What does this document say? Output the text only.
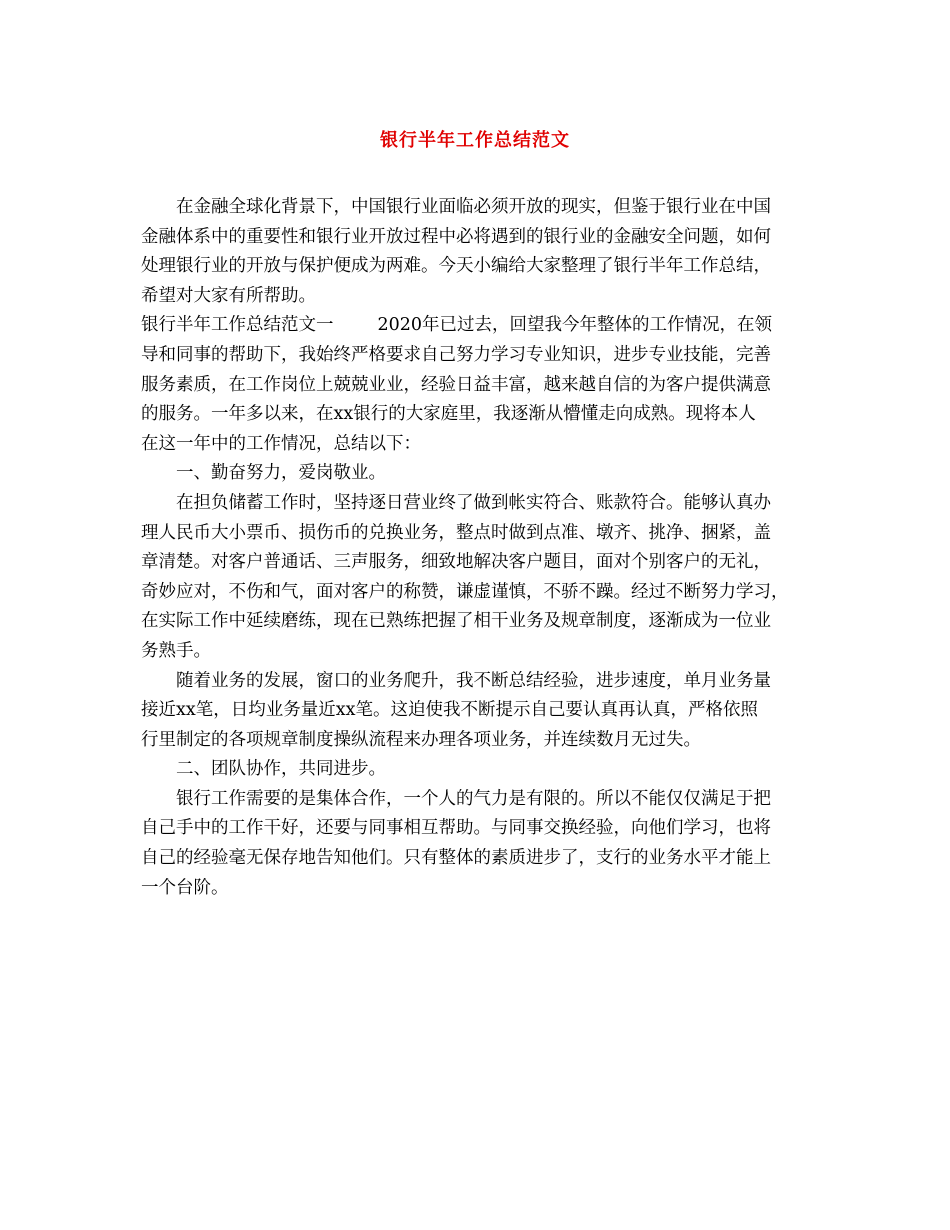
银行半年工作总结范文
在金融全球化背景下，中国银行业面临必须开放的现实，但鉴于银行业在中国
金融体系中的重要性和银行业开放过程中必将遇到的银行业的金融安全问题，如何
处理银行业的开放与保护便成为两难。今天小编给大家整理了银行半年工作总结，
希望对大家有所帮助。
银行半年工作总结范文一	2020年已过去，回望我今年整体的工作情况，在领
导和同事的帮助下，我始终严格要求自己努力学习专业知识，进步专业技能，完善
服务素质，在工作岗位上兢兢业业，经验日益丰富，越来越自信的为客户提供满意
的服务。一年多以来，在xx银行的大家庭里，我逐渐从懵懂走向成熟。现将本人
在这一年中的工作情况，总结以下：
一、勤奋努力，爱岗敬业。
在担负储蓄工作时，坚持逐日营业终了做到帐实符合、账款符合。能够认真办
理人民币大小票币、损伤币的兑换业务，整点时做到点准、墩齐、挑净、捆紧，盖
章清楚。对客户普通话、三声服务，细致地解决客户题目，面对个别客户的无礼，
奇妙应对，不伤和气，面对客户的称赞，谦虚谨慎，不骄不躁。经过不断努力学习，
在实际工作中延续磨练，现在已熟练把握了相干业务及规章制度，逐渐成为一位业
务熟手。
随着业务的发展，窗口的业务爬升，我不断总结经验，进步速度，单月业务量
接近xx笔，日均业务量近xx笔。这迫使我不断提示自己要认真再认真，严格依照
行里制定的各项规章制度操纵流程来办理各项业务，并连续数月无过失。
二、团队协作，共同进步。
银行工作需要的是集体合作，一个人的气力是有限的。所以不能仅仅满足于把
自己手中的工作干好，还要与同事相互帮助。与同事交换经验，向他们学习，也将
自己的经验毫无保存地告知他们。只有整体的素质进步了，支行的业务水平才能上
一个台阶。
